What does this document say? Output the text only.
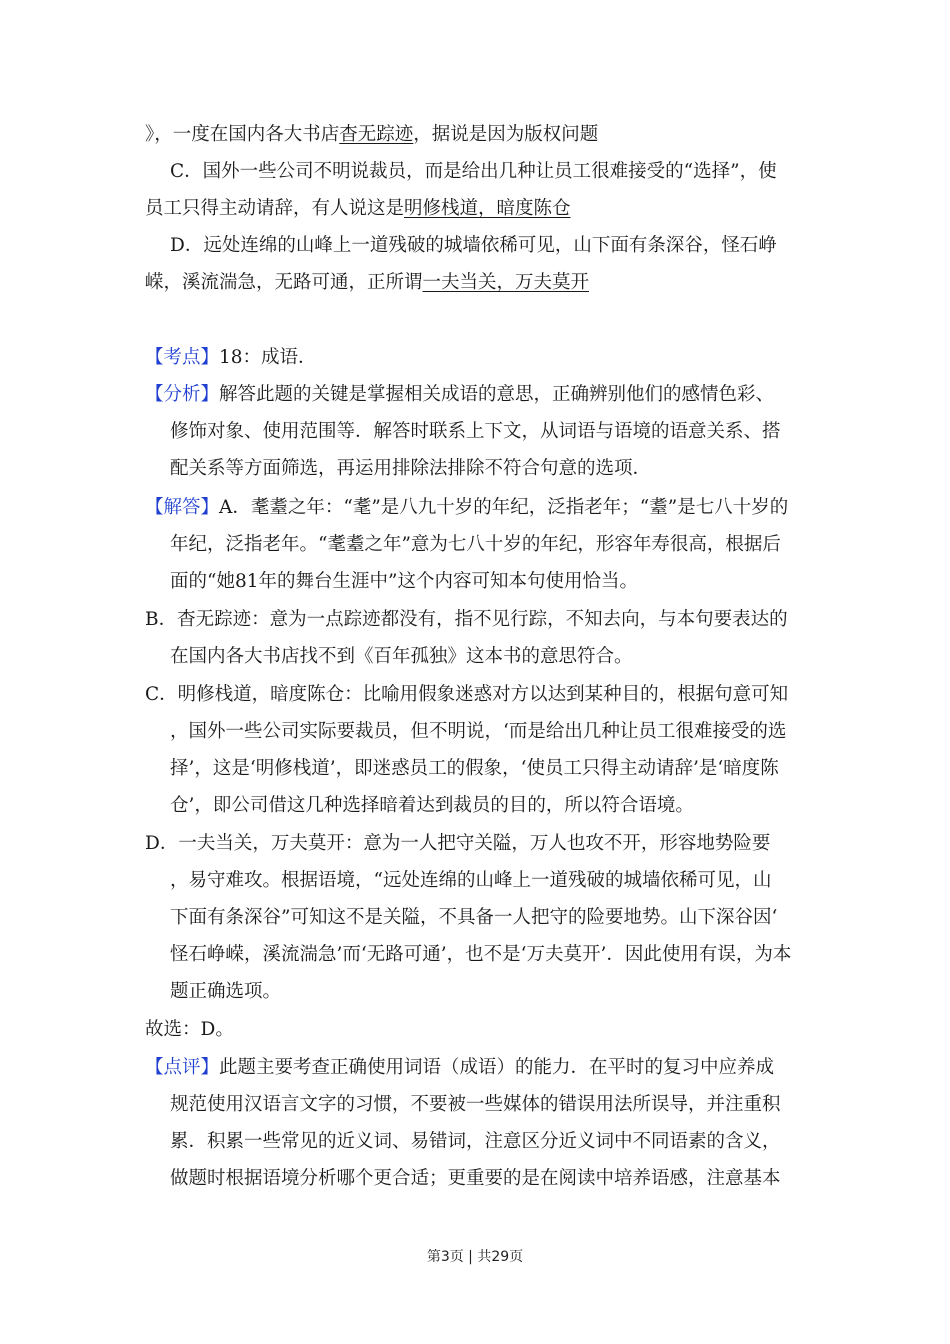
》，一度在国内各大书店杳无踪迹，据说是因为版权问题
C．国外一些公司不明说裁员，而是给出几种让员工很难接受的“选择”，使
员工只得主动请辞，有人说这是明修栈道，暗度陈仓
D．远处连绵的山峰上一道残破的城墙依稀可见，山下面有条深谷，怪石峥
嵘，溪流湍急，无路可通，正所谓一夫当关，万夫莫开
【考点】18：成语．
【分析】解答此题的关键是掌握相关成语的意思，正确辨别他们的感情色彩、
修饰对象、使用范围等．解答时联系上下文，从词语与语境的语意关系、搭
配关系等方面筛选，再运用排除法排除不符合句意的选项．
【解答】A．耄耋之年：“耄”是八九十岁的年纪，泛指老年；“耋”是七八十岁的
年纪，泛指老年。“耄耋之年”意为七八十岁的年纪，形容年寿很高，根据后
面的“她81年的舞台生涯中”这个内容可知本句使用恰当。
B．杳无踪迹：意为一点踪迹都没有，指不见行踪，不知去向，与本句要表达的
在国内各大书店找不到《百年孤独》这本书的意思符合。
C．明修栈道，暗度陈仓：比喻用假象迷惑对方以达到某种目的，根据句意可知
，国外一些公司实际要裁员，但不明说，‘而是给出几种让员工很难接受的选
择’，这是‘明修栈道’，即迷惑员工的假象，‘使员工只得主动请辞’是‘暗度陈
仓’，即公司借这几种选择暗着达到裁员的目的，所以符合语境。
D．一夫当关，万夫莫开：意为一人把守关隘，万人也攻不开，形容地势险要
，易守难攻。根据语境，“远处连绵的山峰上一道残破的城墙依稀可见，山
下面有条深谷”可知这不是关隘，不具备一人把守的险要地势。山下深谷因‘
怪石峥嵘，溪流湍急’而‘无路可通’，也不是‘万夫莫开’．因此使用有误，为本
题正确选项。
故选：D。
【点评】此题主要考查正确使用词语（成语）的能力．在平时的复习中应养成
规范使用汉语言文字的习惯，不要被一些媒体的错误用法所误导，并注重积
累．积累一些常见的近义词、易错词，注意区分近义词中不同语素的含义，
做题时根据语境分析哪个更合适；更重要的是在阅读中培养语感，注意基本
第3页 | 共29页
